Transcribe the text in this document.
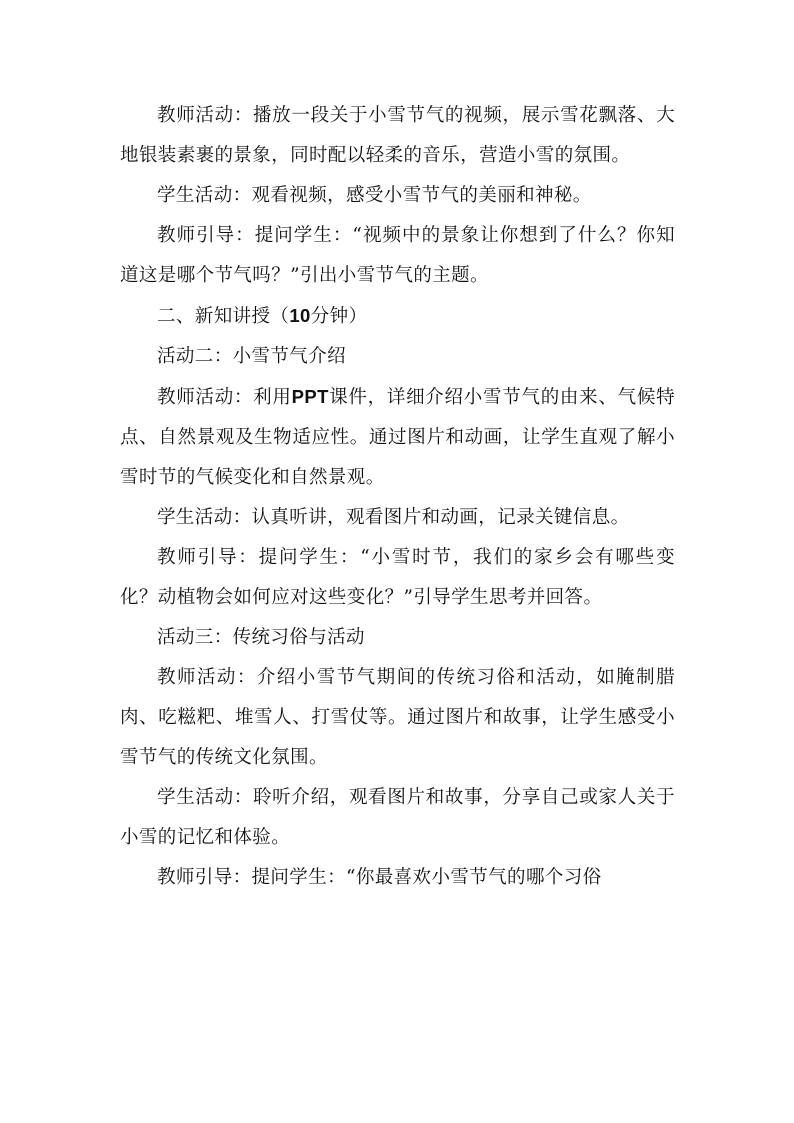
教师活动：播放一段关于小雪节气的视频，展示雪花飘落、大地银装素裹的景象，同时配以轻柔的音乐，营造小雪的氛围。

学生活动：观看视频，感受小雪节气的美丽和神秘。

教师引导：提问学生：“视频中的景象让你想到了什么？你知道这是哪个节气吗？”引出小雪节气的主题。

二、新知讲授（10分钟）

活动二：小雪节气介绍

教师活动：利用PPT课件，详细介绍小雪节气的由来、气候特点、自然景观及生物适应性。通过图片和动画，让学生直观了解小雪时节的气候变化和自然景观。

学生活动：认真听讲，观看图片和动画，记录关键信息。

教师引导：提问学生：“小雪时节，我们的家乡会有哪些变化？动植物会如何应对这些变化？”引导学生思考并回答。

活动三：传统习俗与活动

教师活动：介绍小雪节气期间的传统习俗和活动，如腌制腊肉、吃糍粑、堆雪人、打雪仗等。通过图片和故事，让学生感受小雪节气的传统文化氛围。

学生活动：聆听介绍，观看图片和故事，分享自己或家人关于小雪的记忆和体验。

教师引导：提问学生：“你最喜欢小雪节气的哪个习俗
